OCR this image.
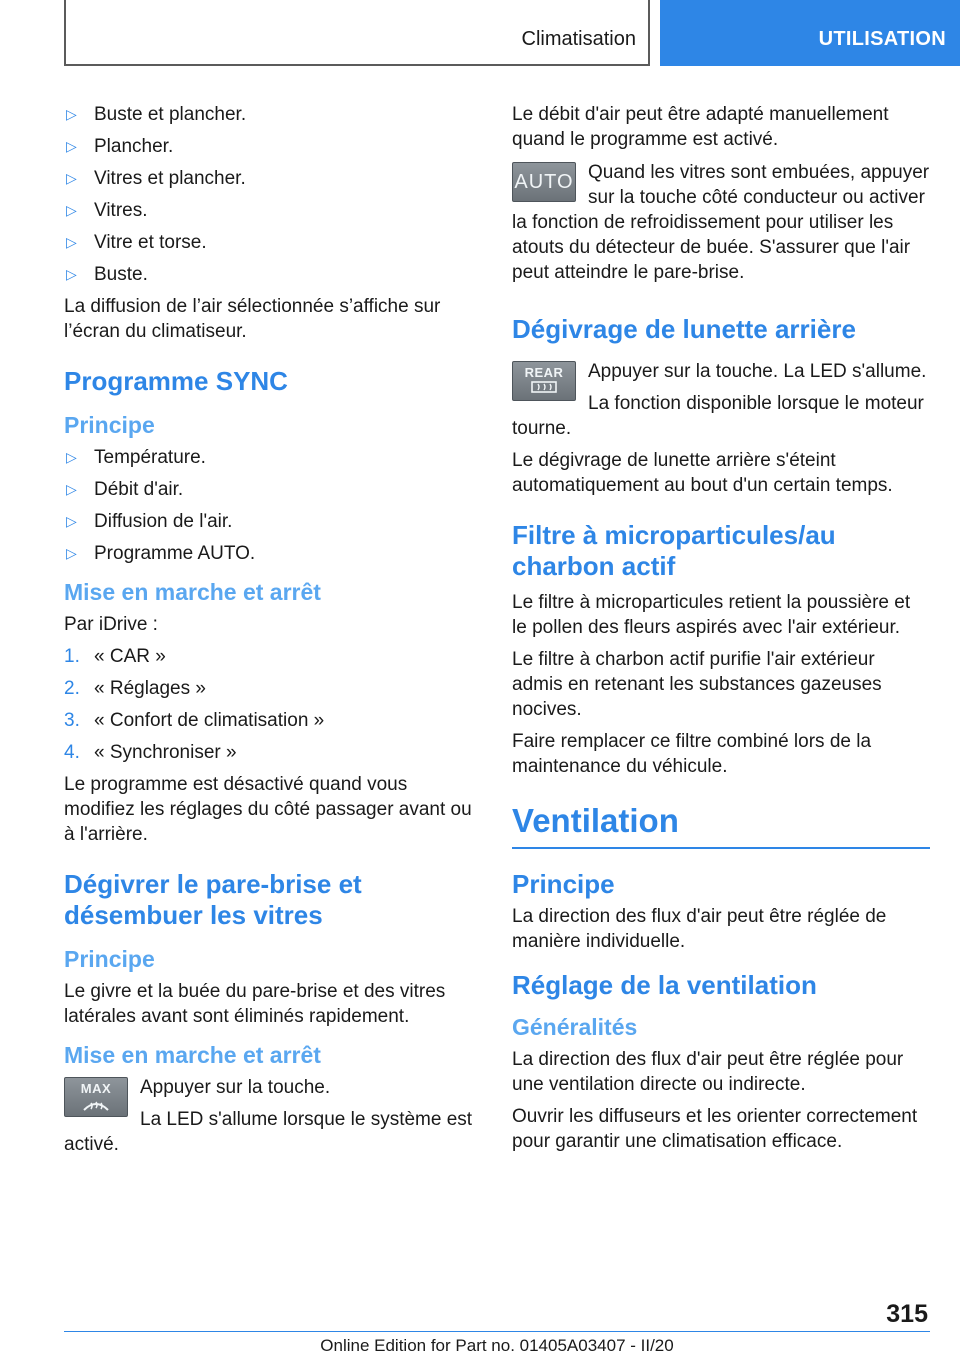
Climatisation	UTILISATION
▷ Buste et plancher.
▷ Plancher.
▷ Vitres et plancher.
▷ Vitres.
▷ Vitre et torse.
▷ Buste.

La diffusion de l’air sélectionnée s’affiche sur l’écran du climatiseur.

Programme SYNC
Principe
▷ Température.
▷ Débit d'air.
▷ Diffusion de l'air.
▷ Programme AUTO.
Mise en marche et arrêt

Par iDrive :

1. « CAR »
2. « Réglages »
3. « Confort de climatisation »
4. « Synchroniser »

Le programme est désactivé quand vous modifiez les réglages du côté passager avant ou à l'arrière.

Dégivrer le pare-brise et désembuer les vitres
Principe

Le givre et la buée du pare-brise et des vitres latérales avant sont éliminés rapidement.

Mise en marche et arrêt
MAX	Appuyer sur la touche.

La LED s'allume lorsque le système est activé.

Le débit d'air peut être adapté manuellement quand le programme est activé.

AUTO Quand les vitres sont embuées, appuyer sur la touche côté conducteur ou activer la fonction de refroidissement pour utiliser les atouts du détecteur de buée. S'assurer que l'air peut atteindre le pare-brise.

Dégivrage de lunette arrière
REAR	Appuyer sur la touche. La LED s'allume.

La fonction disponible lorsque le moteur tourne.

Le dégivrage de lunette arrière s'éteint automatiquement au bout d'un certain temps.

Filtre à microparticules/au charbon actif

Le filtre à microparticules retient la poussière et le pollen des fleurs aspirés avec l'air extérieur.

Le filtre à charbon actif purifie l'air extérieur admis en retenant les substances gazeuses nocives.

Faire remplacer ce filtre combiné lors de la maintenance du véhicule.

Ventilation
Principe

La direction des flux d'air peut être réglée de manière individuelle.

Réglage de la ventilation
Généralités

La direction des flux d'air peut être réglée pour une ventilation directe ou indirecte.

Ouvrir les diffuseurs et les orienter correctement pour garantir une climatisation efficace.

315
Online Edition for Part no. 01405A03407 - II/20
